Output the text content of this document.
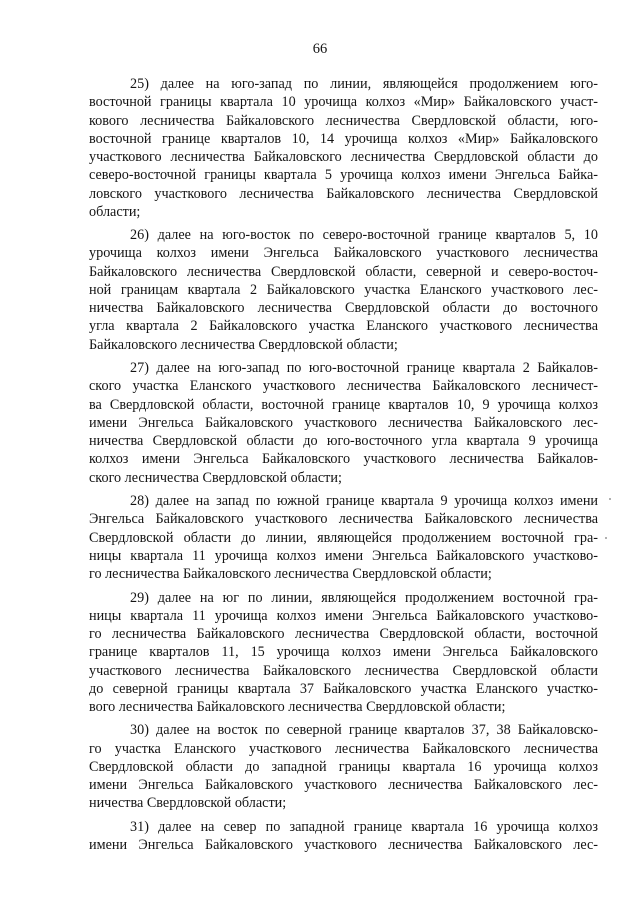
66
25) далее на юго-запад по линии, являющейся продолжением юго-
восточной границы квартала 10 урочища колхоз «Мир» Байкаловского участ-
кового лесничества Байкаловского лесничества Свердловской области, юго-
восточной границе кварталов 10, 14 урочища колхоз «Мир» Байкаловского
участкового лесничества Байкаловского лесничества Свердловской области до
северо-восточной границы квартала 5 урочища колхоз имени Энгельса Байка-
ловского участкового лесничества Байкаловского лесничества Свердловской
области;
26) далее на юго-восток по северо-восточной границе кварталов 5, 10
урочища колхоз имени Энгельса Байкаловского участкового лесничества
Байкаловского лесничества Свердловской области, северной и северо-восточ-
ной границам квартала 2 Байкаловского участка Еланского участкового лес-
ничества Байкаловского лесничества Свердловской области до восточного
угла квартала 2 Байкаловского участка Еланского участкового лесничества
Байкаловского лесничества Свердловской области;
27) далее на юго-запад по юго-восточной границе квартала 2 Байкалов-
ского участка Еланского участкового лесничества Байкаловского лесничест-
ва Свердловской области, восточной границе кварталов 10, 9 урочища колхоз
имени Энгельса Байкаловского участкового лесничества Байкаловского лес-
ничества Свердловской области до юго-восточного угла квартала 9 урочища
колхоз имени Энгельса Байкаловского участкового лесничества Байкалов-
ского лесничества Свердловской области;
28) далее на запад по южной границе квартала 9 урочища колхоз имени
Энгельса Байкаловского участкового лесничества Байкаловского лесничества
Свердловской области до линии, являющейся продолжением восточной гра-
ницы квартала 11 урочища колхоз имени Энгельса Байкаловского участково-
го лесничества Байкаловского лесничества Свердловской области;
29) далее на юг по линии, являющейся продолжением восточной гра-
ницы квартала 11 урочища колхоз имени Энгельса Байкаловского участково-
го лесничества Байкаловского лесничества Свердловской области, восточной
границе кварталов 11, 15 урочища колхоз имени Энгельса Байкаловского
участкового лесничества Байкаловского лесничества Свердловской области
до северной границы квартала 37 Байкаловского участка Еланского участко-
вого лесничества Байкаловского лесничества Свердловской области;
30) далее на восток по северной границе кварталов 37, 38 Байкаловско-
го участка Еланского участкового лесничества Байкаловского лесничества
Свердловской области до западной границы квартала 16 урочища колхоз
имени Энгельса Байкаловского участкового лесничества Байкаловского лес-
ничества Свердловской области;
31) далее на север по западной границе квартала 16 урочища колхоз
имени Энгельса Байкаловского участкового лесничества Байкаловского лес-
